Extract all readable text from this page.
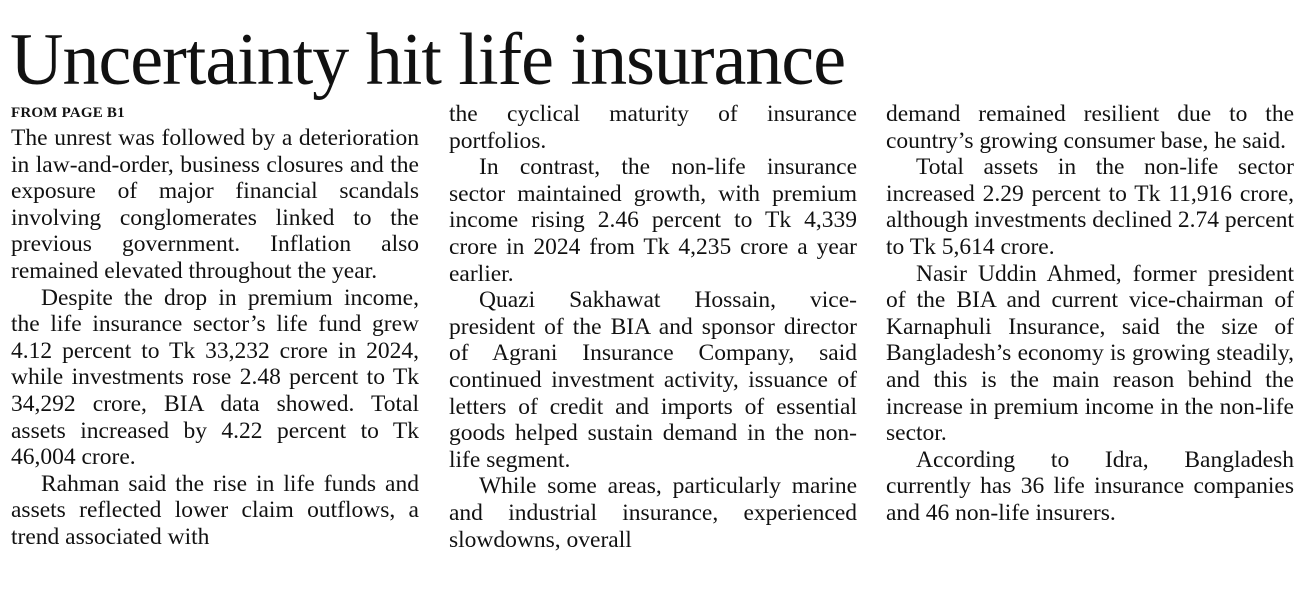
Uncertainty hit life insurance
FROM PAGE B1

The unrest was followed by a deterioration in law-and-order, business closures and the exposure of major financial scandals involving conglomerates linked to the previous government. Inflation also remained elevated throughout the year.

Despite the drop in premium income, the life insurance sector’s life fund grew 4.12 percent to Tk 33,232 crore in 2024, while investments rose 2.48 percent to Tk 34,292 crore, BIA data showed. Total assets increased by 4.22 percent to Tk 46,004 crore.

Rahman said the rise in life funds and assets reflected lower claim outflows, a trend associated with

the cyclical maturity of insurance portfolios.

In contrast, the non-life insurance sector maintained growth, with premium income rising 2.46 percent to Tk 4,339 crore in 2024 from Tk 4,235 crore a year earlier.

Quazi Sakhawat Hossain, vice-president of the BIA and sponsor director of Agrani Insurance Company, said continued investment activity, issuance of letters of credit and imports of essential goods helped sustain demand in the non-life segment.

While some areas, particularly marine and industrial insurance, experienced slowdowns, overall

demand remained resilient due to the country’s growing consumer base, he said.

Total assets in the non-life sector increased 2.29 percent to Tk 11,916 crore, although investments declined 2.74 percent to Tk 5,614 crore.

Nasir Uddin Ahmed, former president of the BIA and current vice-chairman of Karnaphuli Insurance, said the size of Bangladesh’s economy is growing steadily, and this is the main reason behind the increase in premium income in the non-life sector.

According to Idra, Bangladesh currently has 36 life insurance companies and 46 non-life insurers.
